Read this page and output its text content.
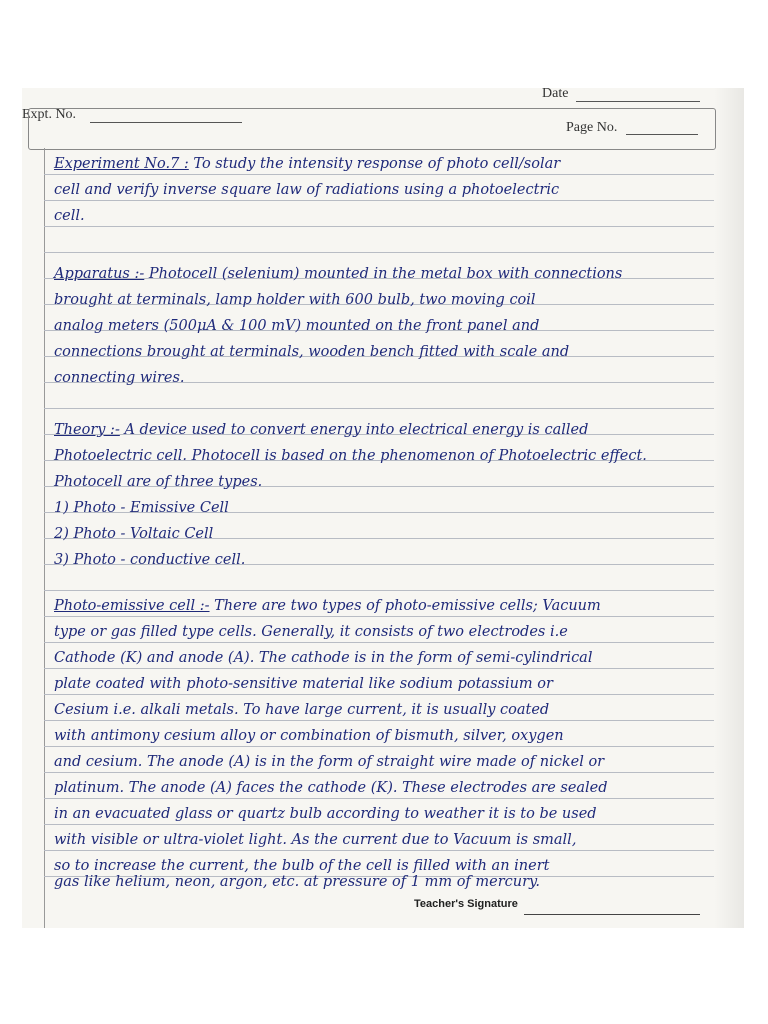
Date
Expt. No.
Page No.
Experiment No.7 : To study the intensity response of photo cell/solar
cell and verify inverse square law of radiations using a photoelectric
cell.
Apparatus :- Photocell (selenium) mounted in the metal box with connections
brought at terminals, lamp holder with 600 bulb, two moving coil
analog meters (500μA & 100 mV) mounted on the front panel and
connections brought at terminals, wooden bench fitted with scale and
connecting wires.
Theory :- A device used to convert energy into electrical energy is called
Photoelectric cell. Photocell is based on the phenomenon of Photoelectric effect.
Photocell are of three types.
1) Photo - Emissive Cell
2) Photo - Voltaic Cell
3) Photo - conductive cell.
Photo-emissive cell :- There are two types of photo-emissive cells; Vacuum
type or gas filled type cells. Generally, it consists of two electrodes i.e
Cathode (K) and anode (A). The cathode is in the form of semi-cylindrical
plate coated with photo-sensitive material like sodium potassium or
Cesium i.e. alkali metals. To have large current, it is usually coated
with antimony cesium alloy or combination of bismuth, silver, oxygen
and cesium. The anode (A) is in the form of straight wire made of nickel or
platinum. The anode (A) faces the cathode (K). These electrodes are sealed
in an evacuated glass or quartz bulb according to weather it is to be used
with visible or ultra-violet light. As the current due to Vacuum is small,
so to increase the current, the bulb of the cell is filled with an inert
gas like helium, neon, argon, etc. at pressure of 1 mm of mercury.
Teacher's Signature
